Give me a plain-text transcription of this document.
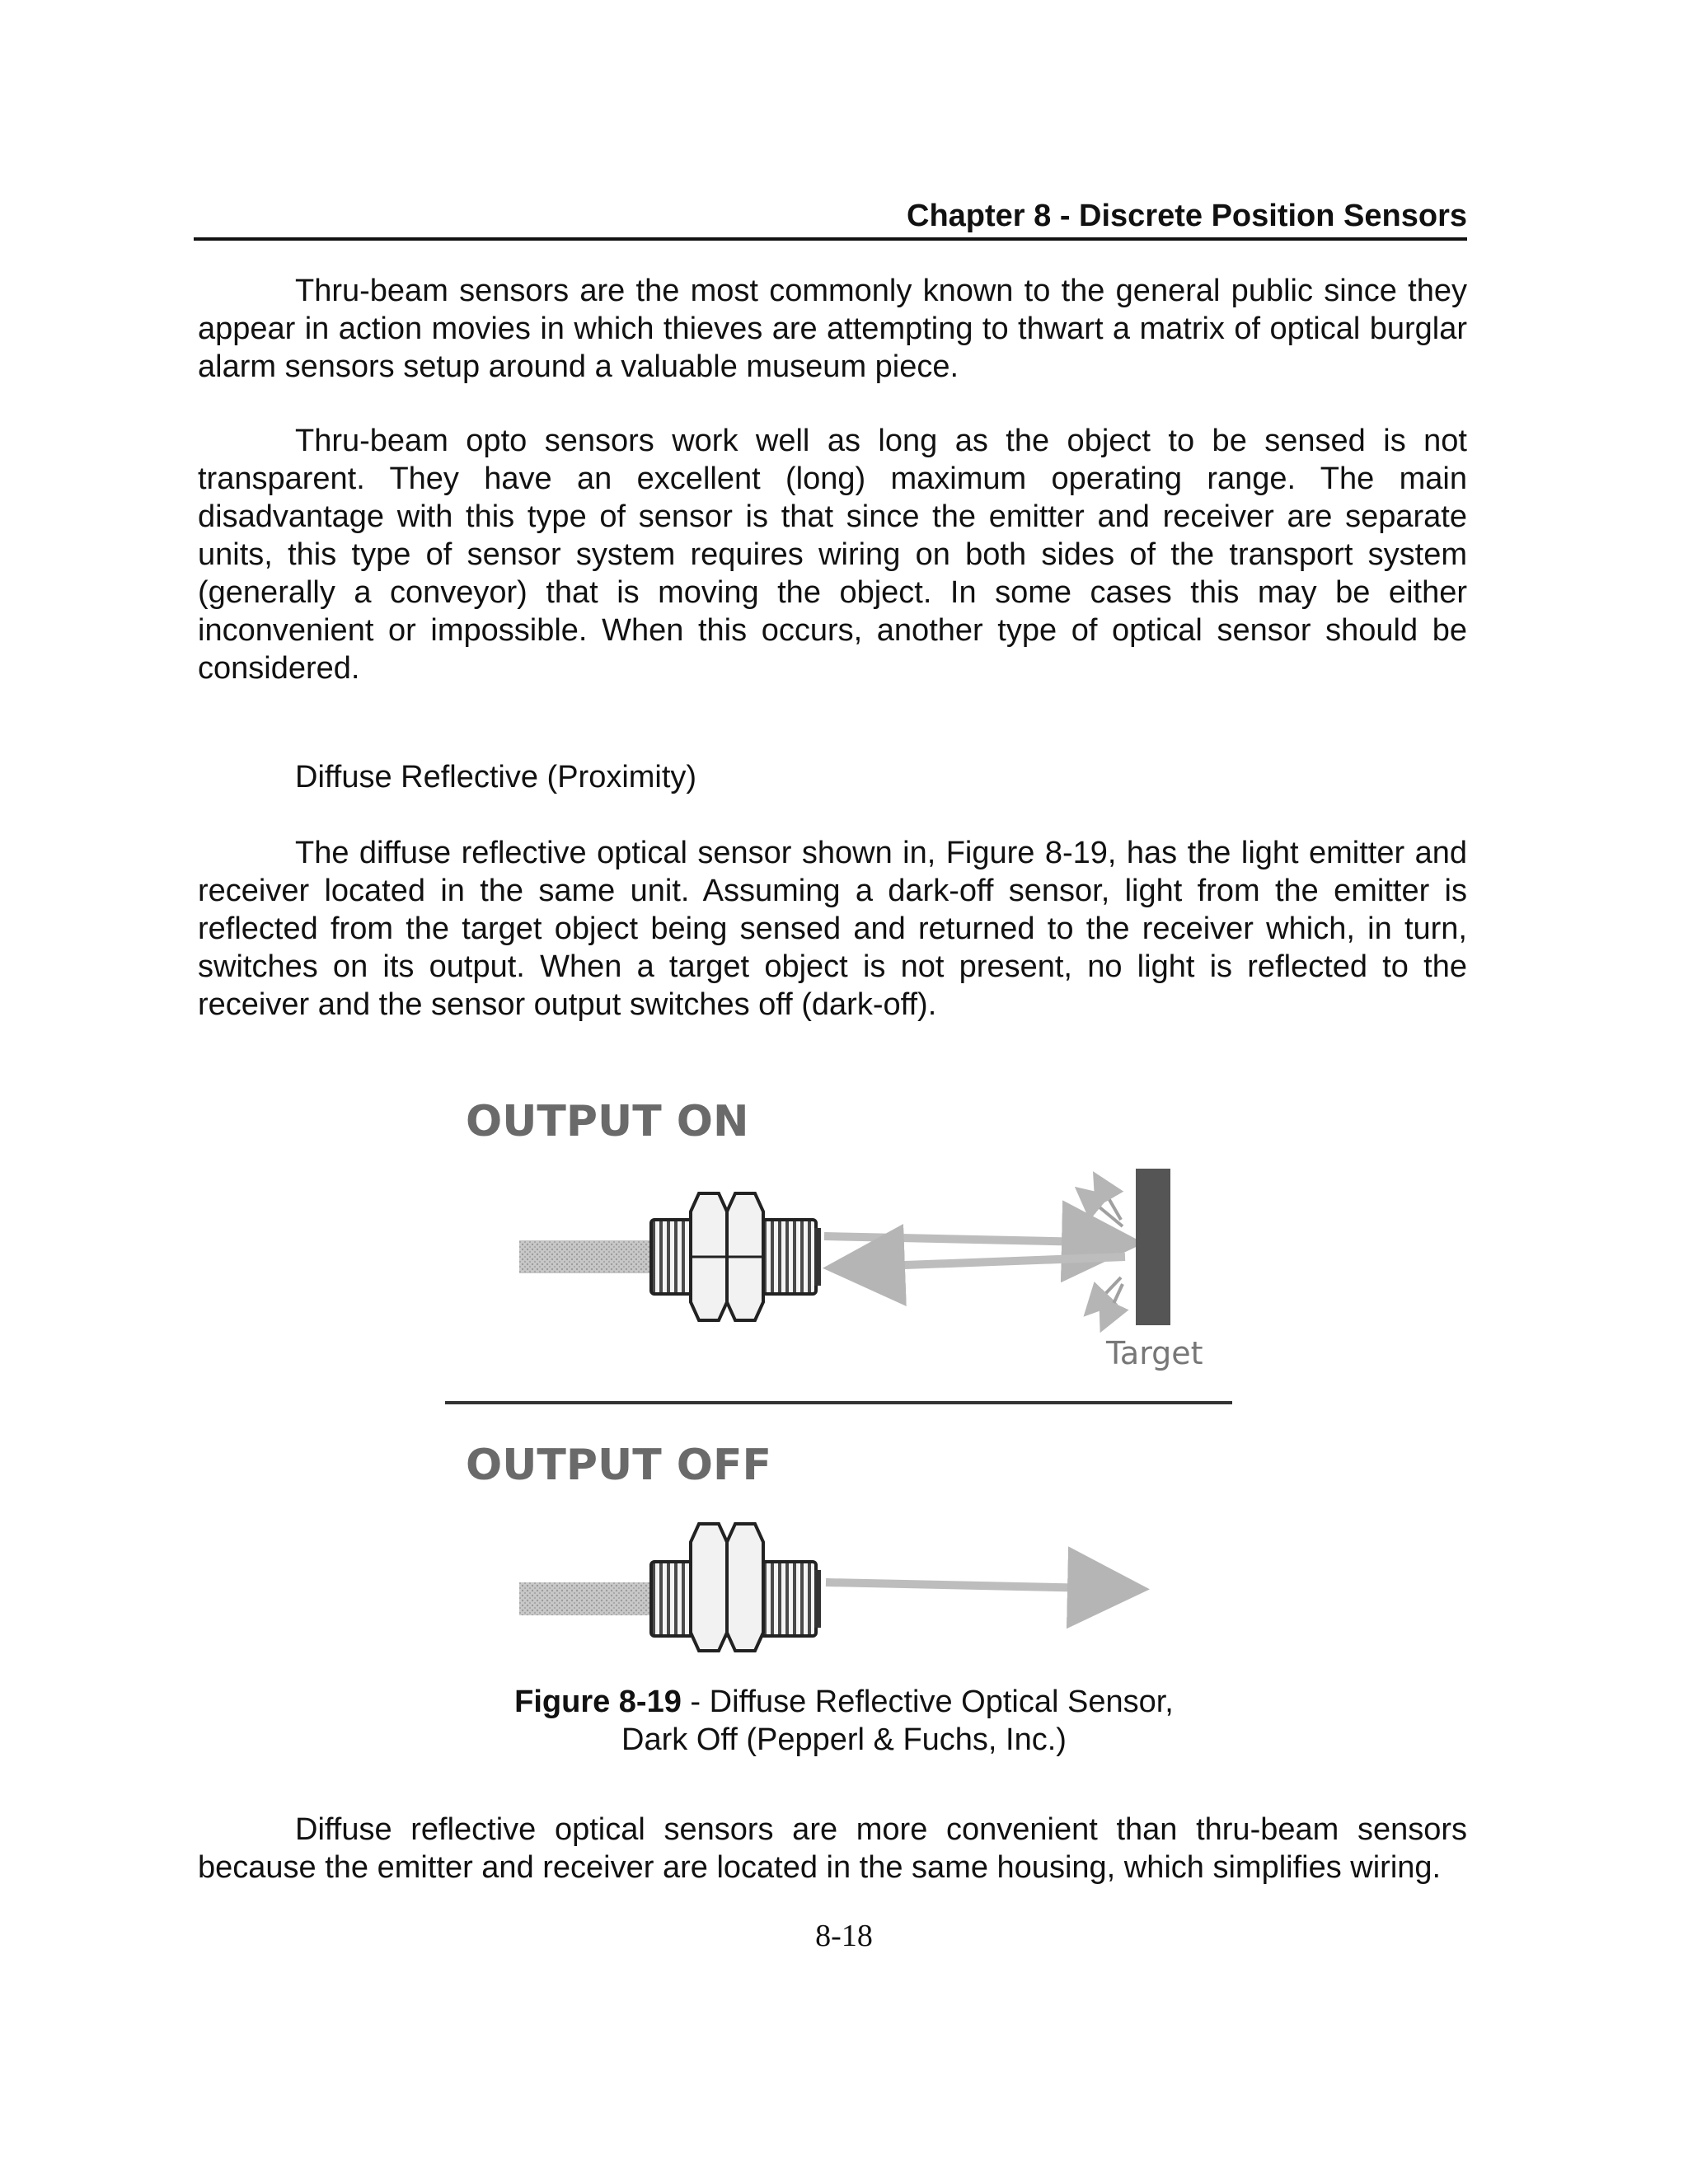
Chapter 8 - Discrete Position Sensors

Thru-beam sensors are the most commonly known to the general public since they appear in action movies in which thieves are attempting to thwart a matrix of optical burglar alarm sensors setup around a valuable museum piece.

Thru-beam opto sensors work well as long as the object to be sensed is not transparent. They have an excellent (long) maximum operating range. The main disadvantage with this type of sensor is that since the emitter and receiver are separate units, this type of sensor system requires wiring on both sides of the transport system (generally a conveyor) that is moving the object. In some cases this may be either inconvenient or impossible. When this occurs, another type of optical sensor should be considered.

Diffuse Reflective (Proximity)

The diffuse reflective optical sensor shown in, Figure 8-19, has the light emitter and receiver located in the same unit. Assuming a dark-off sensor, light from the emitter is reflected from the target object being sensed and returned to the receiver which, in turn, switches on its output. When a target object is not present, no light is reflected to the receiver and the sensor output switches off (dark-off).

OUTPUT ON
Target
OUTPUT OFF
Figure 8-19 - Diffuse Reflective Optical Sensor,
Dark Off (Pepperl & Fuchs, Inc.)

Diffuse reflective optical sensors are more convenient than thru-beam sensors because the emitter and receiver are located in the same housing, which simplifies wiring.

8-18
